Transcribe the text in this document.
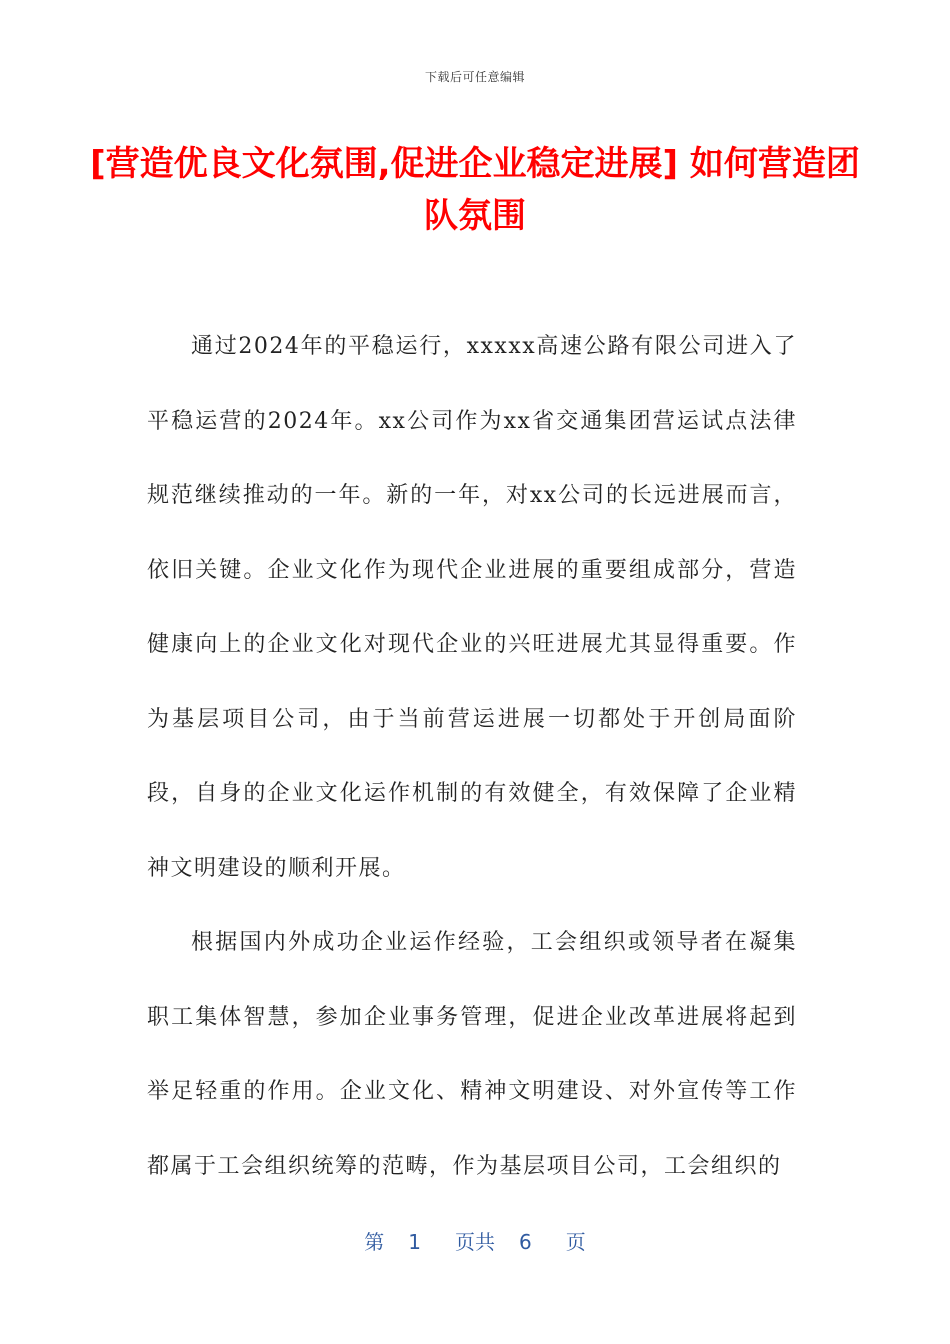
下载后可任意编辑
[营造优良文化氛围,促进企业稳定进展] 如何营造团队氛围

通过2024年的平稳运行，xxxxx高速公路有限公司进入了平稳运营的2024年。xx公司作为xx省交通集团营运试点法律规范继续推动的一年。新的一年，对xx公司的长远进展而言，依旧关键。企业文化作为现代企业进展的重要组成部分，营造健康向上的企业文化对现代企业的兴旺进展尤其显得重要。作为基层项目公司，由于当前营运进展一切都处于开创局面阶段，自身的企业文化运作机制的有效健全，有效保障了企业精神文明建设的顺利开展。

根据国内外成功企业运作经验，工会组织或领导者在凝集职工集体智慧，参加企业事务管理，促进企业改革进展将起到举足轻重的作用。企业文化、精神文明建设、对外宣传等工作都属于工会组织统筹的范畴，作为基层项目公司，工会组织的

第 1 页共 6 页
